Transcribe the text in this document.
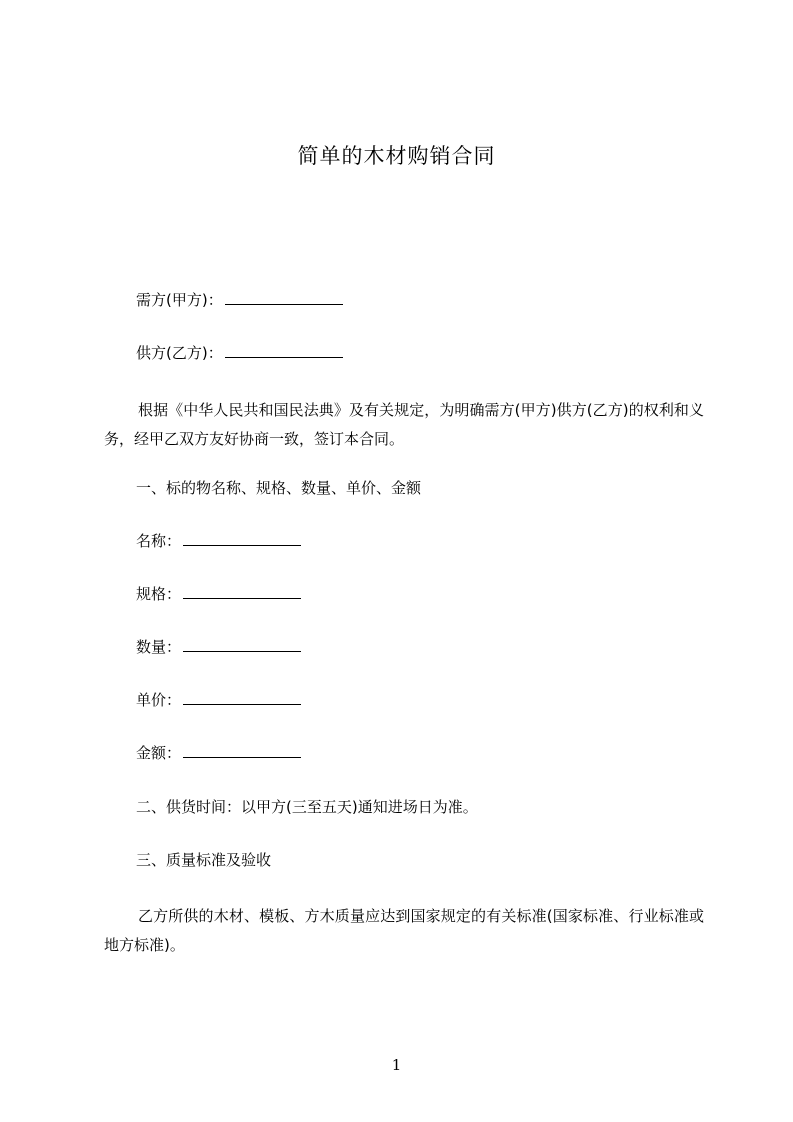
简单的木材购销合同
需方(甲方)：
供方(乙方)：
根据《中华人民共和国民法典》及有关规定，为明确需方(甲方)供方(乙方)的权利和义务，经甲乙双方友好协商一致，签订本合同。
一、标的物名称、规格、数量、单价、金额
名称：
规格：
数量：
单价：
金额：
二、供货时间：以甲方(三至五天)通知进场日为准。
三、质量标准及验收
乙方所供的木材、模板、方木质量应达到国家规定的有关标准(国家标准、行业标准或地方标准)。
1
